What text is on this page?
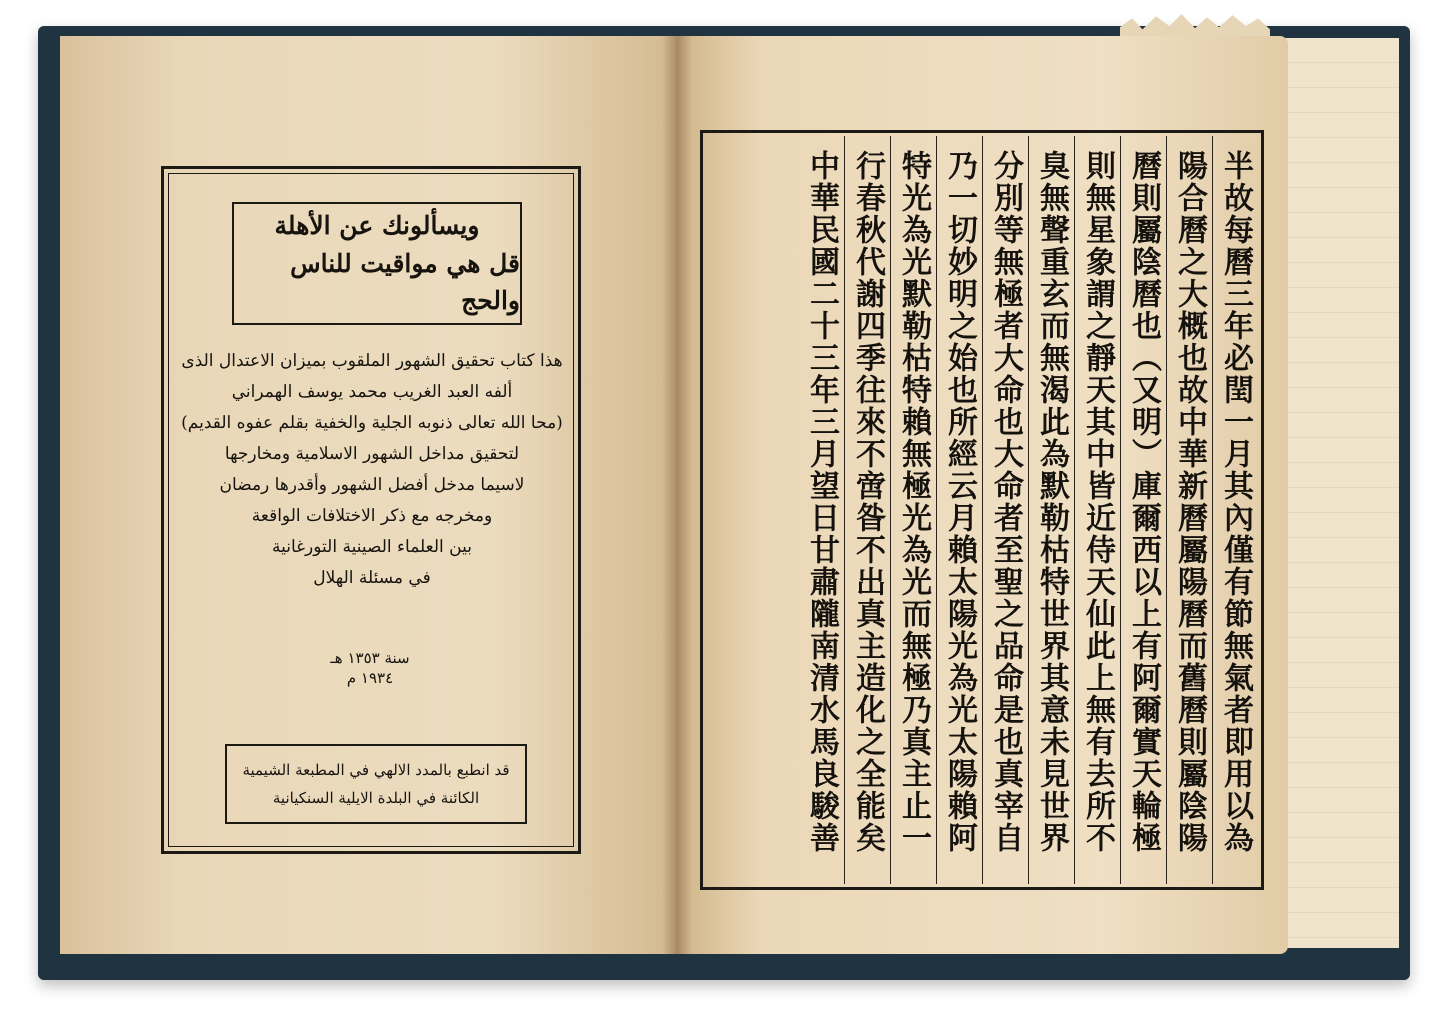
ويسألونك عن الأهلة
قل هي مواقيت للناس والحج
هذا كتاب تحقيق الشهور الملقوب بميزان الاعتدال الذى
ألفه العبد الغريب محمد يوسف الهمراني
(محا الله تعالى ذنوبه الجلية والخفية بقلم عفوه القديم)
لتحقيق مداخل الشهور الاسلامية ومخارجها
لاسيما مدخل أفضل الشهور وأقدرها رمضان
ومخرجه مع ذكر الاختلافات الواقعة
بين العلماء الصينية التورغانية
في مسئلة الهلال
سنة ١٣٥٣ هـ
١٩٣٤ م
قد انطبع بالمدد الالهي في المطبعة الشيمية
الكائنة في البلدة الايلية السنكيانية
半故每曆三年必閏一月其內僅有節無氣者即用以為
陽合曆之大概也故中華新曆屬陽曆而舊曆則屬陰陽
曆則屬陰曆也（又明）庫爾西以上有阿爾實天輪極
則無星象謂之靜天其中皆近侍天仙此上無有去所不
臭無聲重玄而無渴此為默勒枯特世界其意未見世界
分別等無極者大命也大命者至聖之品命是也真宰自
乃一切妙明之始也所經云月賴太陽光為光太陽賴阿
特光為光默勒枯特賴無極光為光而無極乃真主止一
行春秋代謝四季往來不啻昝不出真主造化之全能矣
中華民國二十三年三月望日甘肅隴南清水馬良駿善
